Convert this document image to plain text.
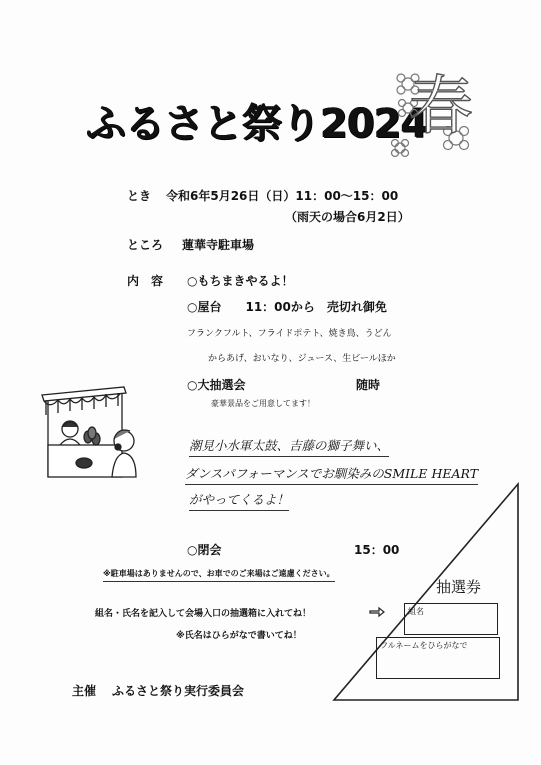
ふるさと祭り2024
春
とき 令和6年5月26日（日）11：00〜15：00
（雨天の場合6月2日）
ところ 蓮華寺駐車場
内　容 ○もちまきやるよ！
○屋台　　11：00から　売切れ御免
フランクフルト、フライドポテト、焼き鳥、うどん
からあげ、おいなり、ジュース、生ビールほか
○大抽選会	随時
豪華景品をご用意してます！
潮見小水軍太鼓、吉藤の獅子舞い、
ダンスパフォーマンスでお馴染みのSMILE HEART
がやってくるよ！
○閉会	15：00
※駐車場はありませんので、お車でのご来場はご遠慮ください。
組名・氏名を記入して会場入口の抽選箱に入れてね！
※氏名はひらがなで書いてね！
抽選券
組名
フルネームをひらがなで
主催 ふるさと祭り実行委員会
